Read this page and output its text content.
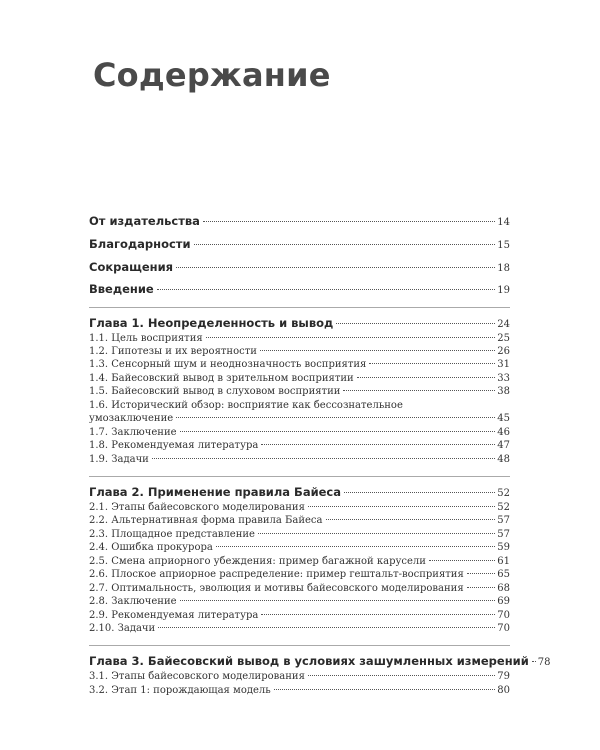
Содержание
От издательства	14
Благодарности	15
Сокращения	18
Введение	19
Глава 1. Неопределенность и вывод	24
1.1. Цель восприятия	25
1.2. Гипотезы и их вероятности	26
1.3. Сенсорный шум и неоднозначность восприятия	31
1.4. Байесовский вывод в зрительном восприятии	33
1.5. Байесовский вывод в слуховом восприятии	38
1.6. Исторический обзор: восприятие как бессознательное
умозаключение	45
1.7. Заключение	46
1.8. Рекомендуемая литература	47
1.9. Задачи	48
Глава 2. Применение правила Байеса	52
2.1. Этапы байесовского моделирования	52
2.2. Альтернативная форма правила Байеса	57
2.3. Площадное представление	57
2.4. Ошибка прокурора	59
2.5. Смена априорного убеждения: пример багажной карусели	61
2.6. Плоское априорное распределение: пример гештальт-восприятия	65
2.7. Оптимальность, эволюция и мотивы байесовского моделирования	68
2.8. Заключение	69
2.9. Рекомендуемая литература	70
2.10. Задачи	70
Глава 3. Байесовский вывод в условиях зашумленных измерений 78
3.1. Этапы байесовского моделирования	79
3.2. Этап 1: порождающая модель	80
